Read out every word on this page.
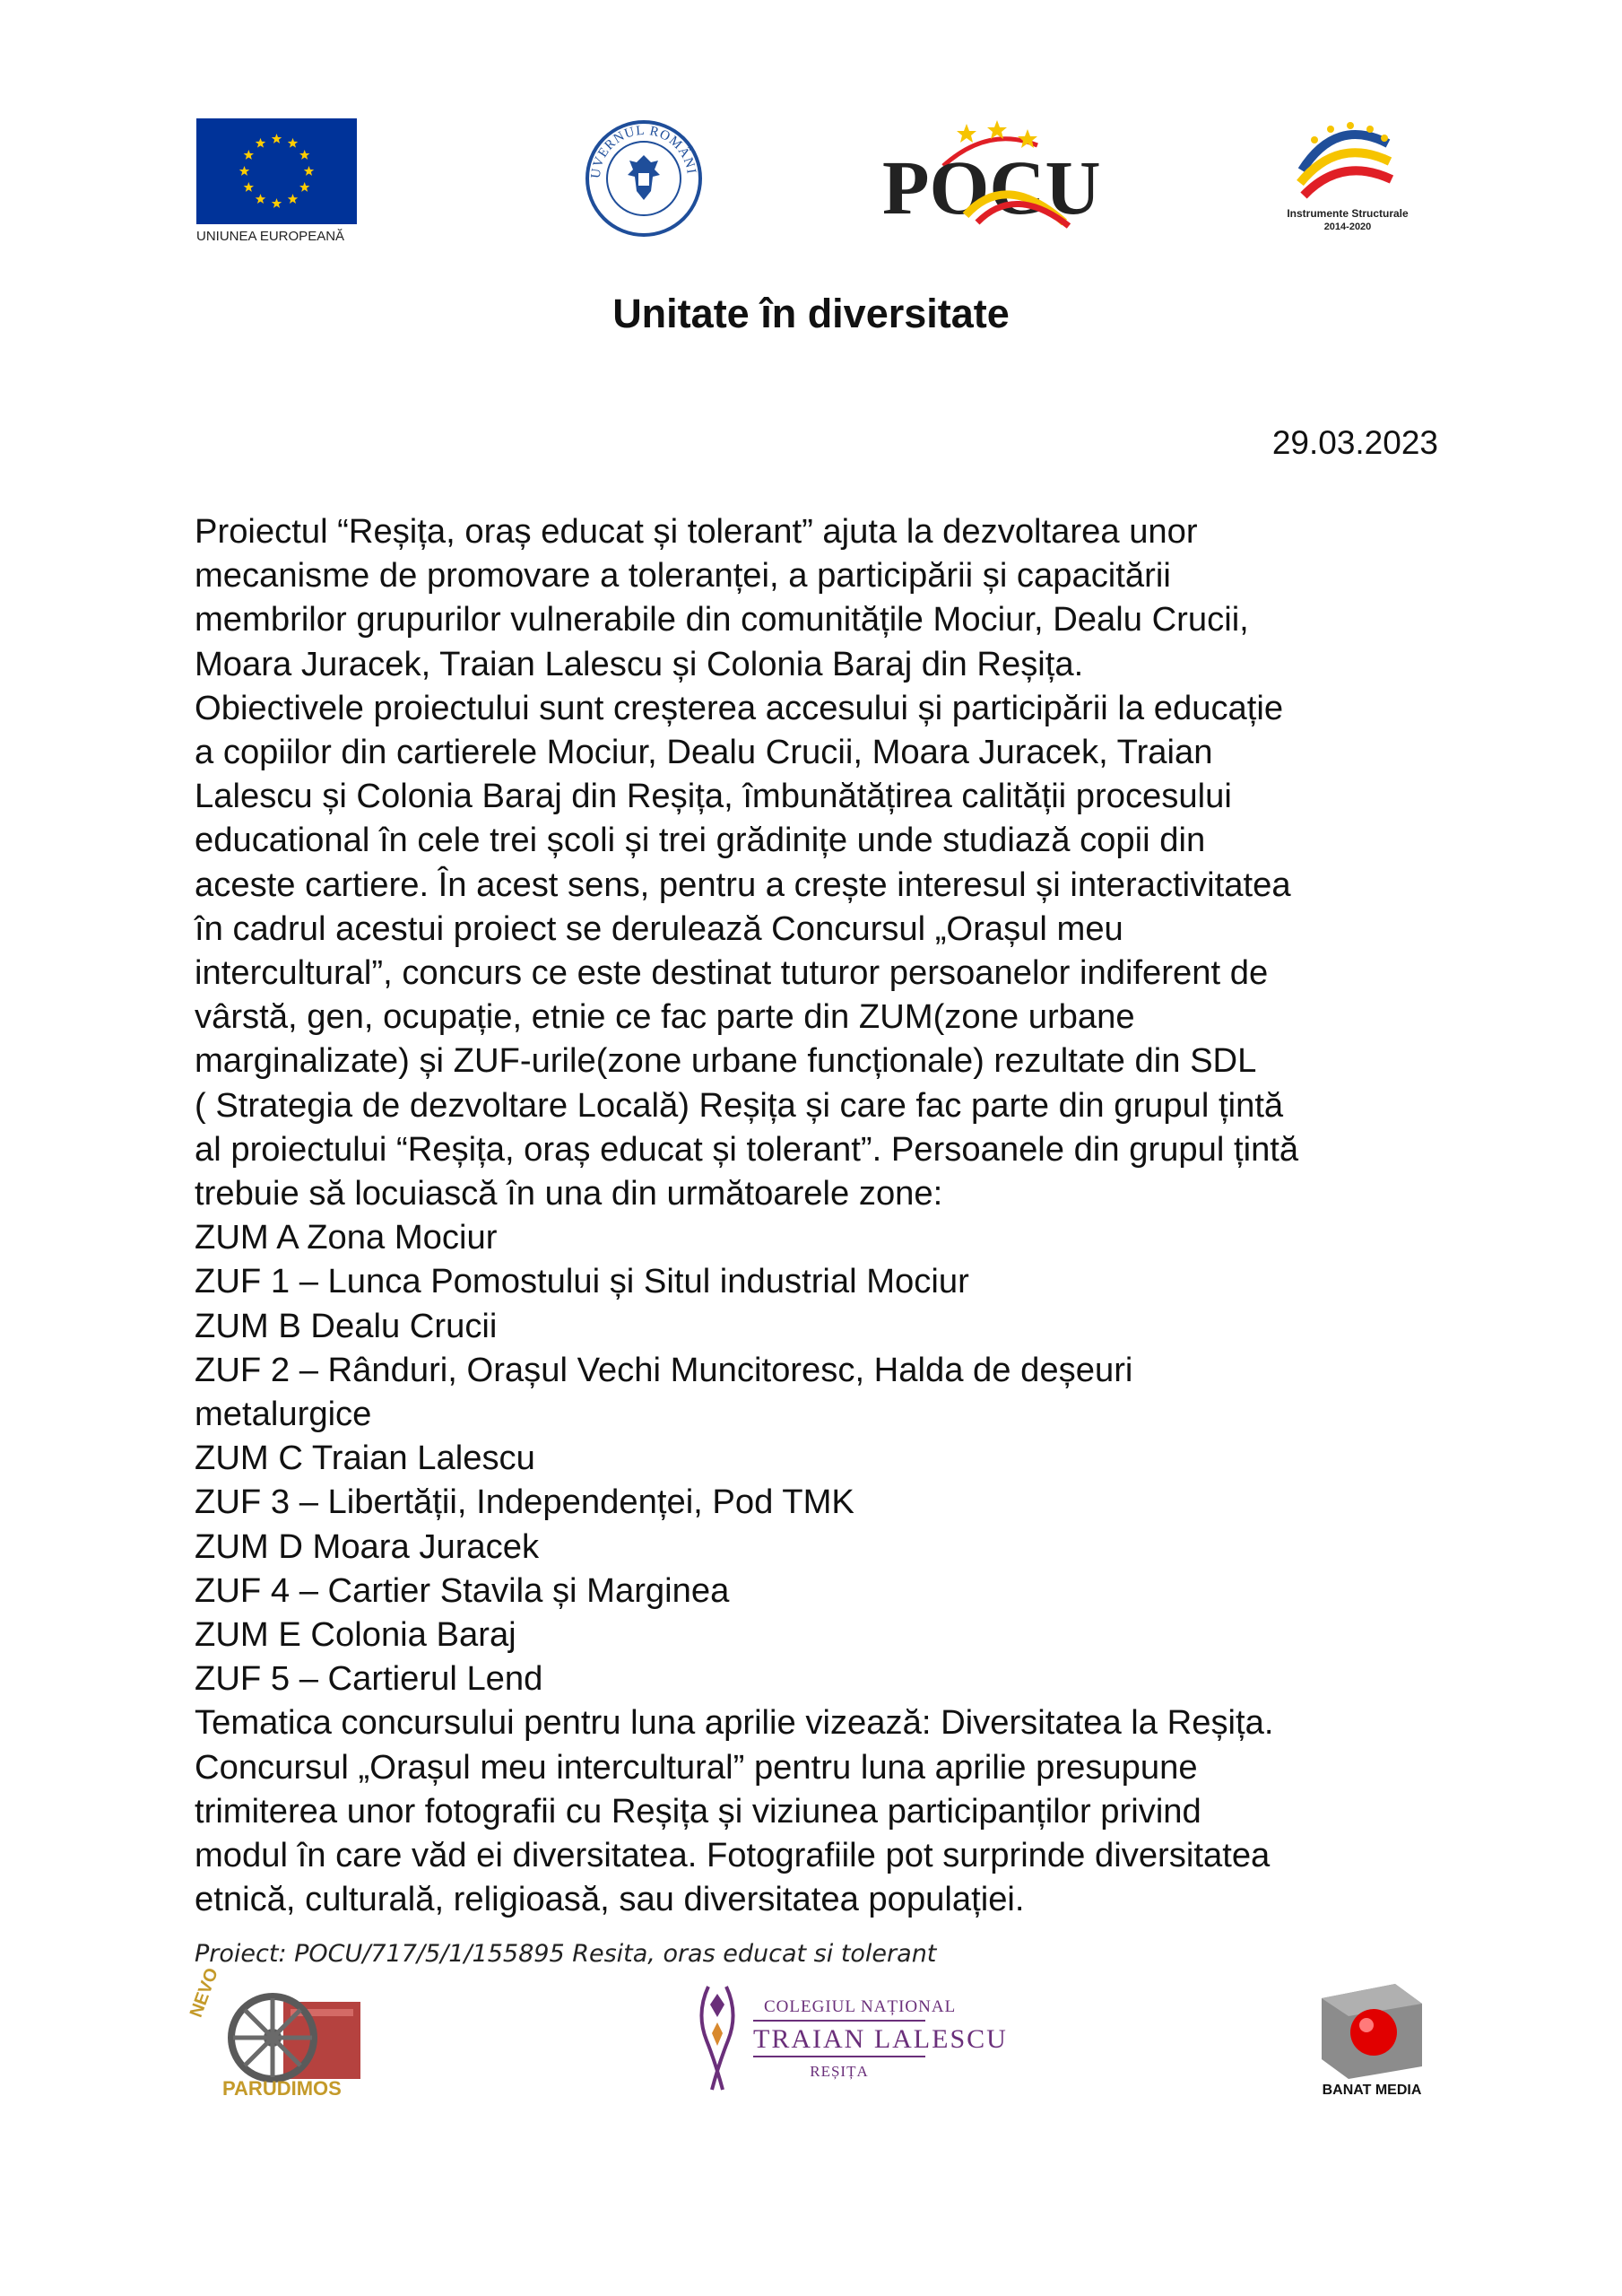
UNIUNEA EUROPEANĂ
UVERNUL ROMÂNI POCU	Instrumente Structurale
2014-2020
Unitate în diversitate
29.03.2023
Proiectul “Reșița, oraș educat și tolerant” ajuta la dezvoltarea unor
mecanisme de promovare a toleranței, a participării și capacitării
membrilor grupurilor vulnerabile din comunitățile Mociur, Dealu Crucii,
Moara Juracek, Traian Lalescu și Colonia Baraj din Reșița.
Obiectivele proiectului sunt creșterea accesului și participării la educație
a copiilor din cartierele Mociur, Dealu Crucii, Moara Juracek, Traian
Lalescu și Colonia Baraj din Reșița, îmbunătățirea calității procesului
educational în cele trei școli și trei grădinițe unde studiază copii din
aceste cartiere. În acest sens, pentru a crește interesul și interactivitatea
în cadrul acestui proiect se derulează Concursul „Orașul meu
intercultural”, concurs ce este destinat tuturor persoanelor indiferent de
vârstă, gen, ocupație, etnie ce fac parte din ZUM(zone urbane
marginalizate) și ZUF-urile(zone urbane funcționale) rezultate din SDL
( Strategia de dezvoltare Locală) Reșița și care fac parte din grupul țintă
al proiectului “Reșița, oraș educat și tolerant”. Persoanele din grupul țintă
trebuie să locuiască în una din următoarele zone:
ZUM A Zona Mociur
ZUF 1 – Lunca Pomostului și Situl industrial Mociur
ZUM B Dealu Crucii
ZUF 2 – Rânduri, Orașul Vechi Muncitoresc, Halda de deșeuri
metalurgice
ZUM C Traian Lalescu
ZUF 3 – Libertății, Independenței, Pod TMK
ZUM D Moara Juracek
ZUF 4 – Cartier Stavila și Marginea
ZUM E Colonia Baraj
ZUF 5 – Cartierul Lend
Tematica concursului pentru luna aprilie vizează: Diversitatea la Reșița.
Concursul „Orașul meu intercultural” pentru luna aprilie presupune
trimiterea unor fotografii cu Reșița și viziunea participanților privind
modul în care văd ei diversitatea. Fotografiile pot surprinde diversitatea
etnică, culturală, religioasă, sau diversitatea populației.
Proiect: POCU/717/5/1/155895 Resita, oras educat si tolerant
NEVO
PARUDIMOS
COLEGIUL NAȚIONAL
TRAIAN LALESCU
REȘIȚA
BANAT MEDIA
